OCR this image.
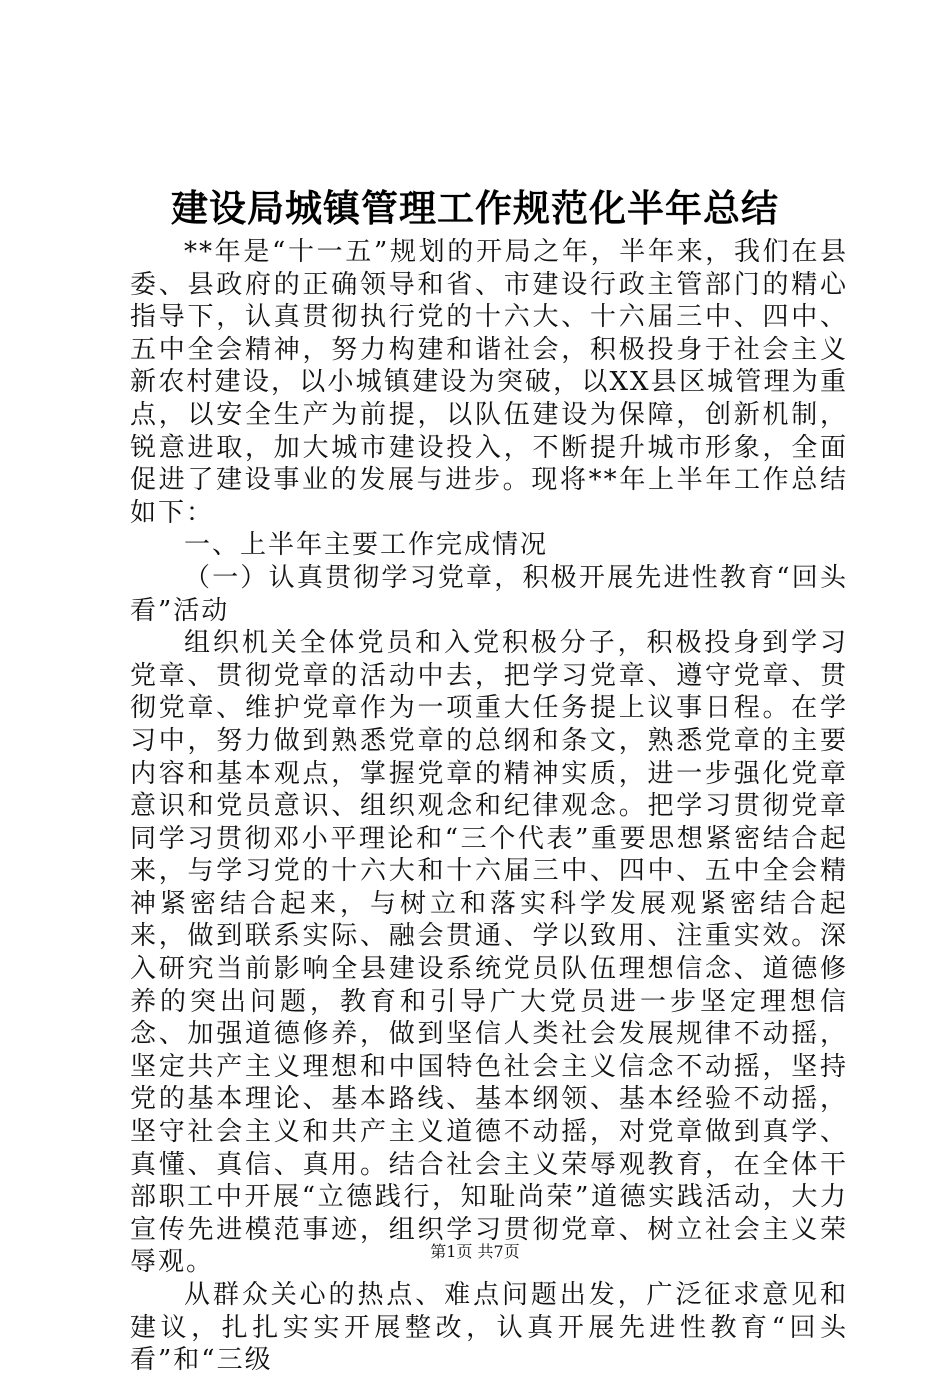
建设局城镇管理工作规范化半年总结

**年是“十一五”规划的开局之年，半年来，我们在县委、县政府的正确领导和省、市建设行政主管部门的精心指导下，认真贯彻执行党的十六大、十六届三中、四中、五中全会精神，努力构建和谐社会，积极投身于社会主义新农村建设，以小城镇建设为突破，以XX县区城管理为重点，以安全生产为前提，以队伍建设为保障，创新机制，锐意进取，加大城市建设投入，不断提升城市形象，全面促进了建设事业的发展与进步。现将**年上半年工作总结如下：

一、上半年主要工作完成情况

（一）认真贯彻学习党章，积极开展先进性教育“回头看”活动

组织机关全体党员和入党积极分子，积极投身到学习党章、贯彻党章的活动中去，把学习党章、遵守党章、贯彻党章、维护党章作为一项重大任务提上议事日程。在学习中，努力做到熟悉党章的总纲和条文，熟悉党章的主要内容和基本观点，掌握党章的精神实质，进一步强化党章意识和党员意识、组织观念和纪律观念。把学习贯彻党章同学习贯彻邓小平理论和“三个代表”重要思想紧密结合起来，与学习党的十六大和十六届三中、四中、五中全会精神紧密结合起来，与树立和落实科学发展观紧密结合起来，做到联系实际、融会贯通、学以致用、注重实效。深入研究当前影响全县建设系统党员队伍理想信念、道德修养的突出问题，教育和引导广大党员进一步坚定理想信念、加强道德修养，做到坚信人类社会发展规律不动摇，坚定共产主义理想和中国特色社会主义信念不动摇，坚持党的基本理论、基本路线、基本纲领、基本经验不动摇，坚守社会主义和共产主义道德不动摇，对党章做到真学、真懂、真信、真用。结合社会主义荣辱观教育，在全体干部职工中开展“立德践行，知耻尚荣”道德实践活动，大力宣传先进模范事迹，组织学习贯彻党章、树立社会主义荣辱观。

从群众关心的热点、难点问题出发，广泛征求意见和建议，扎扎实实开展整改，认真开展先进性教育“回头看”和“三级

第1页 共7页
